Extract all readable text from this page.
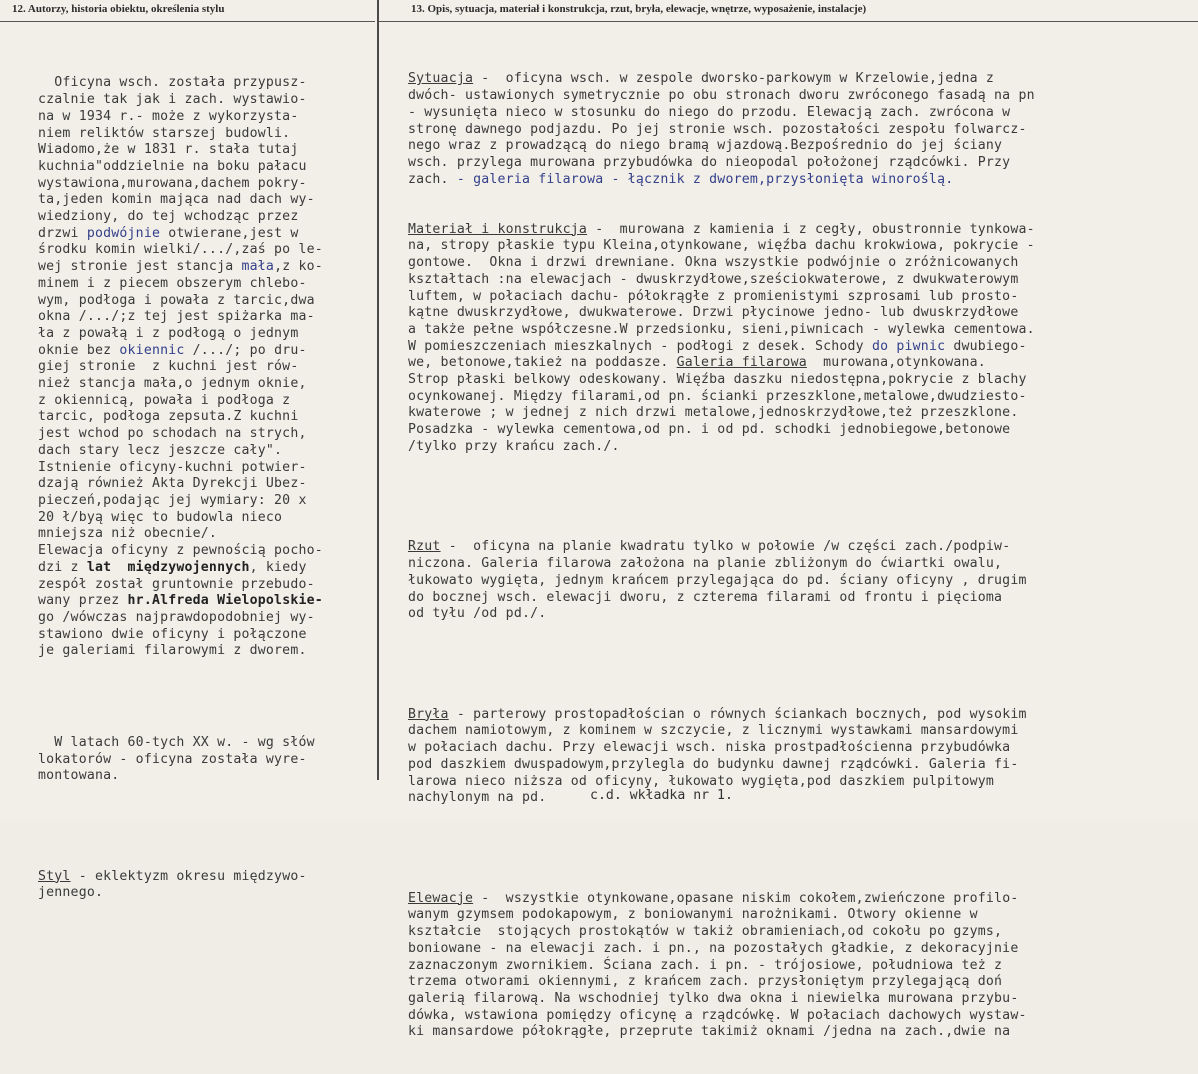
12. Autorzy, historia obiektu, określenia stylu	13. Opis, sytuacja, materiał i konstrukcja, rzut, bryła, elewacje, wnętrze, wyposażenie, instalacje)

Oficyna wsch. została przypusz-
czalnie tak jak i zach. wystawio-
na w 1934 r.- może z wykorzysta-
niem reliktów starszej budowli.
Wiadomo,że w 1831 r. stała tutaj
kuchnia"oddzielnie na boku pałacu
wystawiona,murowana,dachem pokry-
ta,jeden komin mająca nad dach wy-
wiedziony, do tej wchodząc przez
drzwi podwójnie otwierane,jest w
środku komin wielki/.../,zaś po le-
wej stronie jest stancja mała,z ko-
minem i z piecem obszerym chlebo-
wym, podłoga i powała z tarcic,dwa
okna /.../;z tej jest spiżarka ma-
ła z powałą i z podłogą o jednym
oknie bez okiennic /.../; po dru-
giej stronie  z kuchni jest rów-
nież stancja mała,o jednym oknie,
z okiennicą, powała i podłoga z
tarcic, podłoga zepsuta.Z kuchni
jest wchod po schodach na strych,
dach stary lecz jeszcze cały".
Istnienie oficyny-kuchni potwier-
dzają również Akta Dyrekcji Ubez-
pieczeń,podając jej wymiary: 20 x
20 ł/byą więc to budowla nieco
mniejsza niż obecnie/.
Elewacja oficyny z pewnością pocho-
dzi z lat  międzywojennych, kiedy
zespół został gruntownie przebudo-
wany przez hr.Alfreda Wielopolskie-
go /wówczas najprawdopodobniej wy-
stawiono dwie oficyny i połączone
je galeriami filarowymi z dworem.

W latach 60-tych XX w. - wg słów
lokatorów - oficyna została wyre-
montowana.

Styl - eklektyzm okresu międzywo-
jennego.

Sytuacja -  oficyna wsch. w zespole dworsko-parkowym w Krzelowie,jedna z
dwóch- ustawionych symetrycznie po obu stronach dworu zwróconego fasadą na pn
- wysunięta nieco w stosunku do niego do przodu. Elewacją zach. zwrócona w
stronę dawnego podjazdu. Po jej stronie wsch. pozostałości zespołu folwarcz-
nego wraz z prowadzącą do niego bramą wjazdową.Bezpośrednio do jej ściany
wsch. przylega murowana przybudówka do nieopodal położonej rządcówki. Przy
zach. - galeria filarowa - łącznik z dworem,przysłonięta winoroślą.

Materiał i konstrukcja -  murowana z kamienia i z cegły, obustronnie tynkowa-
na, stropy płaskie typu Kleina,otynkowane, więźba dachu krokwiowa, pokrycie -
gontowe.  Okna i drzwi drewniane. Okna wszystkie podwójnie o zróżnicowanych
kształtach :na elewacjach - dwuskrzydłowe,sześciokwaterowe, z dwukwaterowym
luftem, w połaciach dachu- półokrągłe z promienistymi szprosami lub prosto-
kątne dwuskrzydłowe, dwukwaterowe. Drzwi płycinowe jedno- lub dwuskrzydłowe
a także pełne współczesne.W przedsionku, sieni,piwnicach - wylewka cementowa.
W pomieszczeniach mieszkalnych - podłogi z desek. Schody do piwnic dwubiego-
we, betonowe,takież na poddasze. Galeria filarowa  murowana,otynkowana.
Strop płaski belkowy odeskowany. Więźba daszku niedostępna,pokrycie z blachy
ocynkowanej. Między filarami,od pn. ścianki przeszklone,metalowe,dwudziesto-
kwaterowe ; w jednej z nich drzwi metalowe,jednoskrzydłowe,też przeszklone.
Posadzka - wylewka cementowa,od pn. i od pd. schodki jednobiegowe,betonowe
/tylko przy krańcu zach./.

Rzut -  oficyna na planie kwadratu tylko w połowie /w części zach./podpiw-
niczona. Galeria filarowa założona na planie zbliżonym do ćwiartki owalu,
łukowato wygięta, jednym krańcem przylegająca do pd. ściany oficyny , drugim
do bocznej wsch. elewacji dworu, z czterema filarami od frontu i pięcioma
od tyłu /od pd./.

Bryła - parterowy prostopadłościan o równych ściankach bocznych, pod wysokim
dachem namiotowym, z kominem w szczycie, z licznymi wystawkami mansardowymi
w połaciach dachu. Przy elewacji wsch. niska prostpadłościenna przybudówka
pod daszkiem dwuspadowym,przylegla do budynku dawnej rządcówki. Galeria fi-
larowa nieco niższa od oficyny, łukowato wygięta,pod daszkiem pulpitowym
nachylonym na pd.

Elewacje -  wszystkie otynkowane,opasane niskim cokołem,zwieńczone profilo-
wanym gzymsem podokapowym, z boniowanymi narożnikami. Otwory okienne w
kształcie  stojących prostokątów w takiż obramieniach,od cokołu po gzyms,
boniowane - na elewacji zach. i pn., na pozostałych gładkie, z dekoracyjnie
zaznaczonym zwornikiem. Ściana zach. i pn. - trójosiowe, południowa też z
trzema otworami okiennymi, z krańcem zach. przysłoniętym przylegającą doń
galerią filarową. Na wschodniej tylko dwa okna i niewielka murowana przybu-
dówka, wstawiona pomiędzy oficynę a rządcówkę. W połaciach dachowych wystaw-
ki mansardowe półokrągłe, przeprute takimiż oknami /jedna na zach.,dwie na

c.d. wkładka nr 1.
